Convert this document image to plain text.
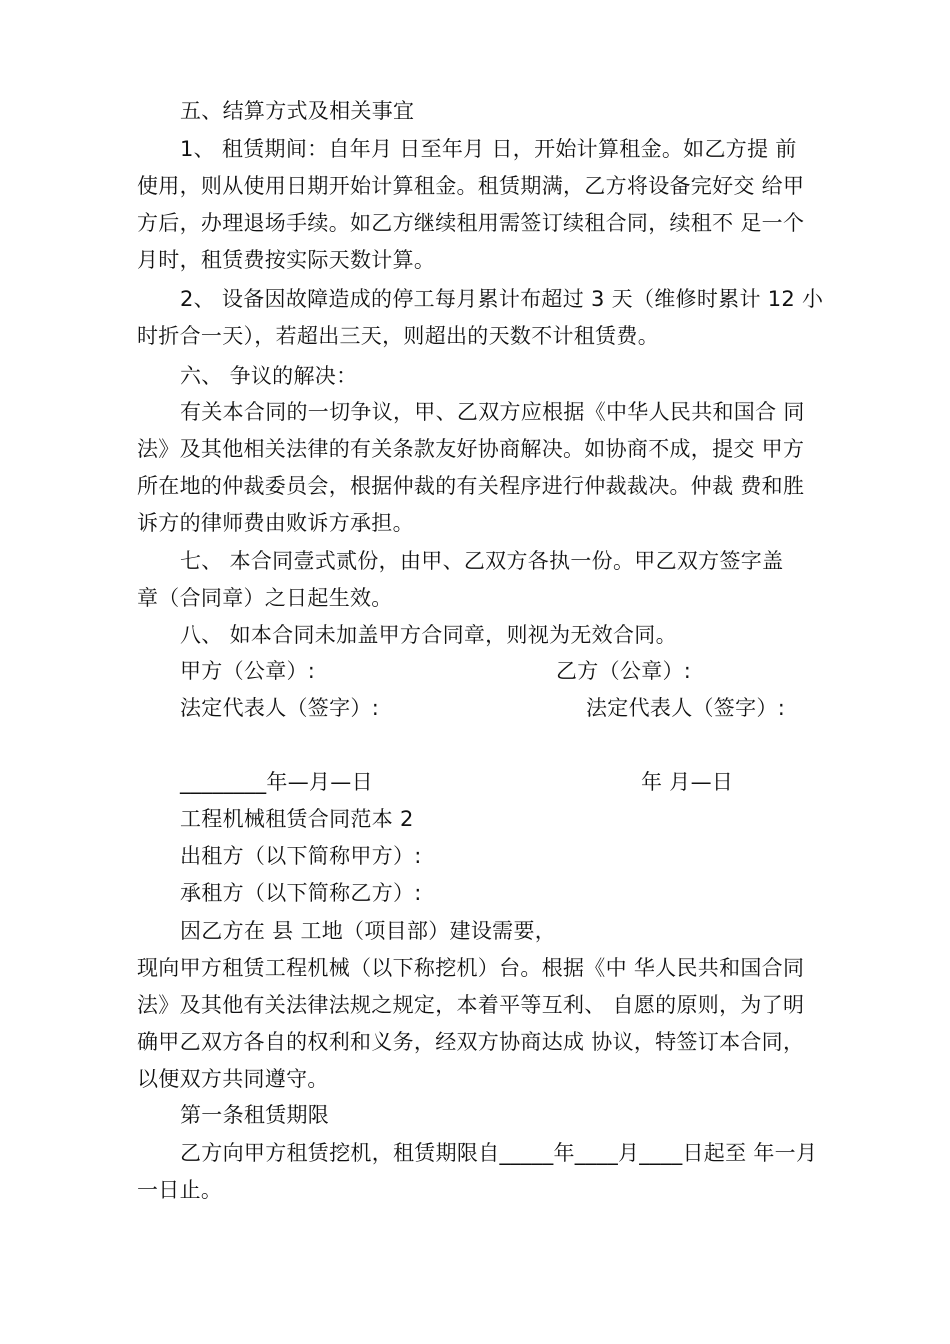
五、结算方式及相关事宜
1、 租赁期间：自年月 日至年月 日，开始计算租金。如乙方提 前
使用，则从使用日期开始计算租金。租赁期满，乙方将设备完好交 给甲
方后，办理退场手续。如乙方继续租用需签订续租合同，续租不 足一个
月时，租赁费按实际天数计算。
2、 设备因故障造成的停工每月累计布超过 3 天（维修时累计 12 小
时折合一天），若超出三天，则超出的天数不计租赁费。
六、 争议的解决：
有关本合同的一切争议，甲、乙双方应根据《中华人民共和国合 同
法》及其他相关法律的有关条款友好协商解决。如协商不成，提交 甲方
所在地的仲裁委员会，根据仲裁的有关程序进行仲裁裁决。仲裁 费和胜
诉方的律师费由败诉方承担。
七、 本合同壹式贰份，由甲、乙双方各执一份。甲乙双方签字盖
章（合同章）之日起生效。
八、 如本合同未加盖甲方合同章，则视为无效合同。
甲方（公章）:	乙方（公章）:
法定代表人（签字）:	法定代表人（签字）:
________年—月—日	年 月—日
工程机械租赁合同范本 2
出租方（以下简称甲方）:
承租方（以下简称乙方）:
因乙方在 县 工地（项目部）建设需要，
现向甲方租赁工程机械（以下称挖机）台。根据《中 华人民共和国合同
法》及其他有关法律法规之规定，本着平等互利、 自愿的原则，为了明
确甲乙双方各自的权利和义务，经双方协商达成 协议，特签订本合同，
以便双方共同遵守。
第一条租赁期限
乙方向甲方租赁挖机，租赁期限自_____年____月____日起至 年一月
一日止。
